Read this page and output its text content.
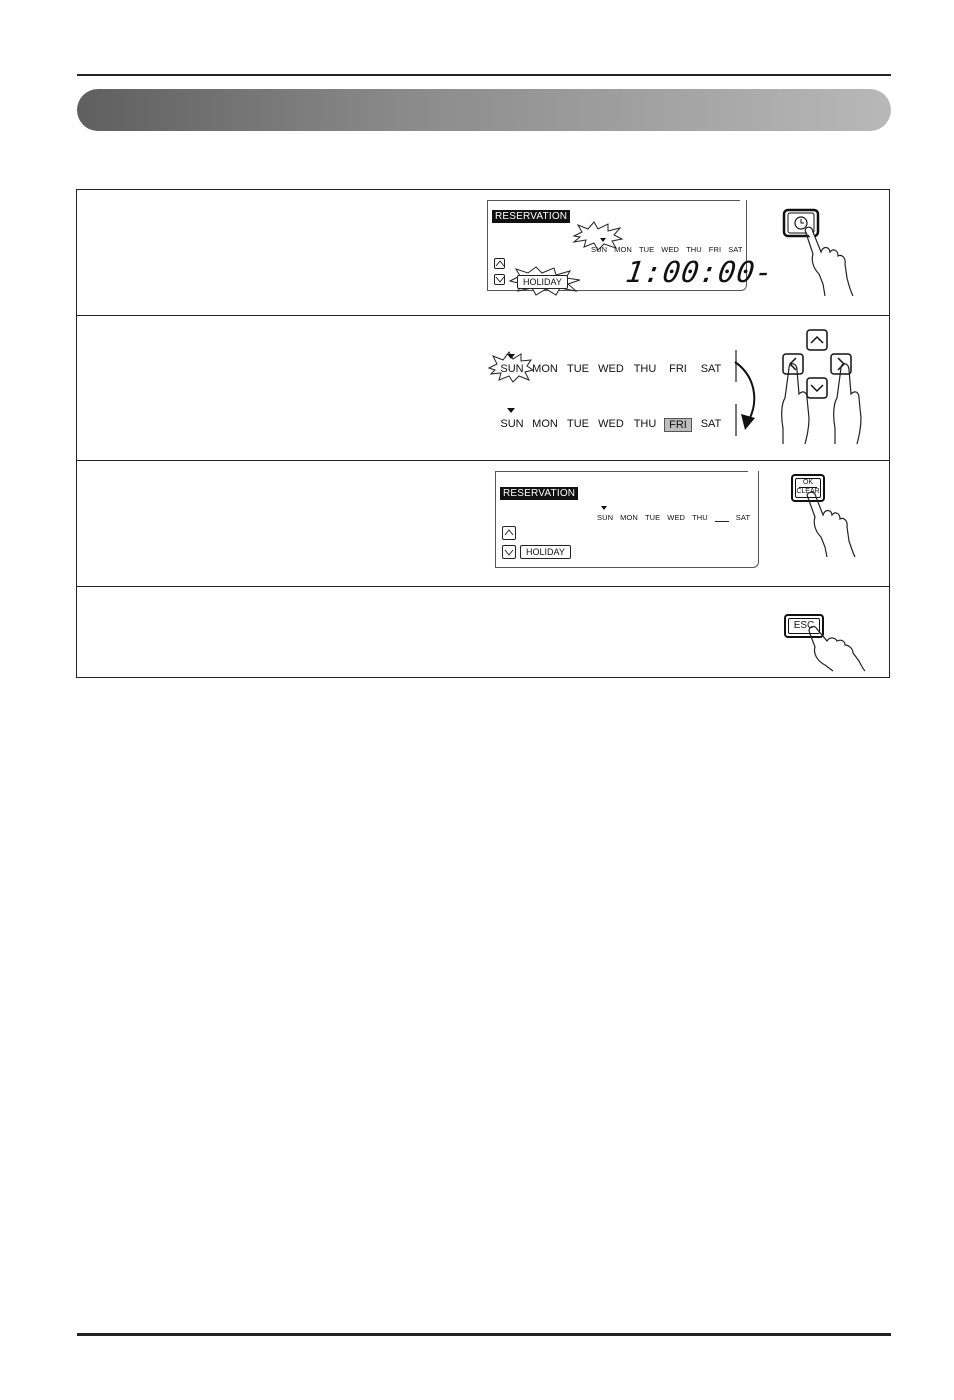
RESERVATION
SUN MON TUE WED THU FRI SAT
HOLIDAY 1:00:00-
SUN MON TUE WED THU	FRI	SAT
SUN MON TUE WED THU	FRI	SAT
RESERVATION
SUN MON TUE WED THU	SAT
HOLIDAY
OK
CLEAR
ESC
